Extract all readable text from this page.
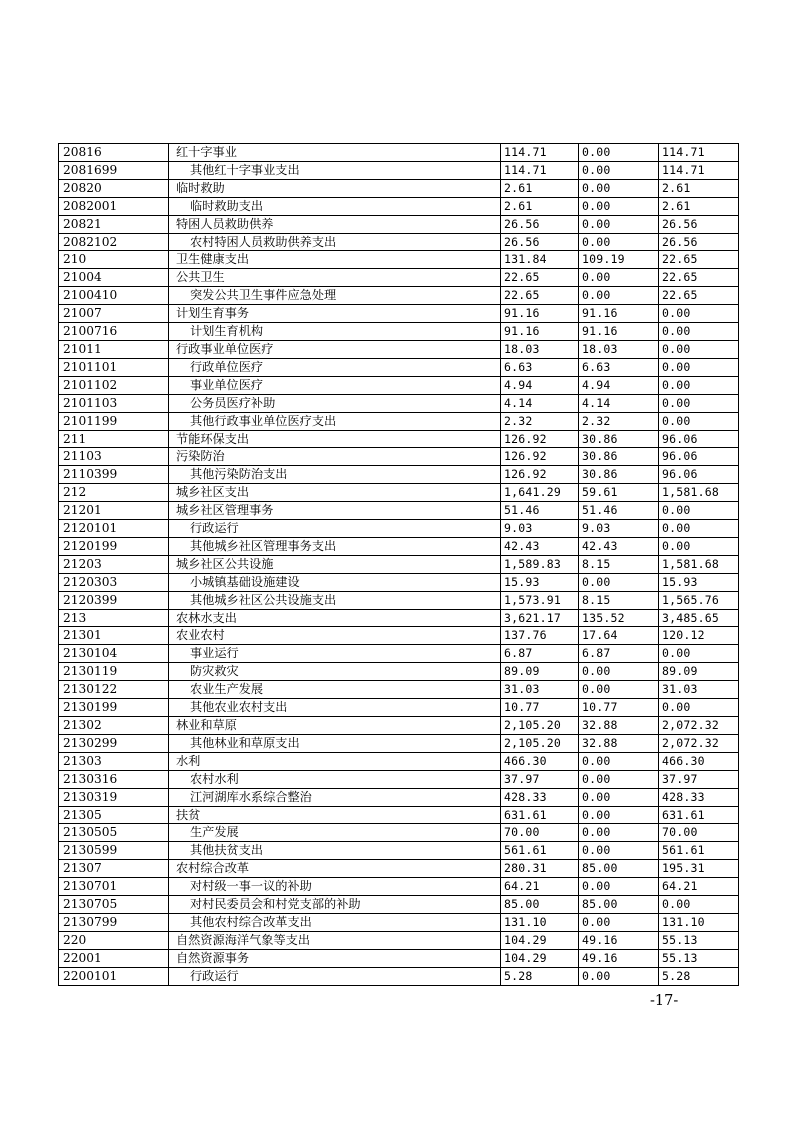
20816	红十字事业	114.71	0.00	114.71
2081699	其他红十字事业支出	114.71	0.00	114.71
20820	临时救助	2.61	0.00	2.61
2082001	临时救助支出	2.61	0.00	2.61
20821	特困人员救助供养	26.56	0.00	26.56
2082102	农村特困人员救助供养支出	26.56	0.00	26.56
210	卫生健康支出	131.84	109.19	22.65
21004	公共卫生	22.65	0.00	22.65
2100410	突发公共卫生事件应急处理	22.65	0.00	22.65
21007	计划生育事务	91.16	91.16	0.00
2100716	计划生育机构	91.16	91.16	0.00
21011	行政事业单位医疗	18.03	18.03	0.00
2101101	行政单位医疗	6.63	6.63	0.00
2101102	事业单位医疗	4.94	4.94	0.00
2101103	公务员医疗补助	4.14	4.14	0.00
2101199	其他行政事业单位医疗支出	2.32	2.32	0.00
211	节能环保支出	126.92	30.86	96.06
21103	污染防治	126.92	30.86	96.06
2110399	其他污染防治支出	126.92	30.86	96.06
212	城乡社区支出	1,641.29	59.61	1,581.68
21201	城乡社区管理事务	51.46	51.46	0.00
2120101	行政运行	9.03	9.03	0.00
2120199	其他城乡社区管理事务支出	42.43	42.43	0.00
21203	城乡社区公共设施	1,589.83	8.15	1,581.68
2120303	小城镇基础设施建设	15.93	0.00	15.93
2120399	其他城乡社区公共设施支出	1,573.91	8.15	1,565.76
213	农林水支出	3,621.17	135.52	3,485.65
21301	农业农村	137.76	17.64	120.12
2130104	事业运行	6.87	6.87	0.00
2130119	防灾救灾	89.09	0.00	89.09
2130122	农业生产发展	31.03	0.00	31.03
2130199	其他农业农村支出	10.77	10.77	0.00
21302	林业和草原	2,105.20	32.88	2,072.32
2130299	其他林业和草原支出	2,105.20	32.88	2,072.32
21303	水利	466.30	0.00	466.30
2130316	农村水利	37.97	0.00	37.97
2130319	江河湖库水系综合整治	428.33	0.00	428.33
21305	扶贫	631.61	0.00	631.61
2130505	生产发展	70.00	0.00	70.00
2130599	其他扶贫支出	561.61	0.00	561.61
21307	农村综合改革	280.31	85.00	195.31
2130701	对村级一事一议的补助	64.21	0.00	64.21
2130705	对村民委员会和村党支部的补助	85.00	85.00	0.00
2130799	其他农村综合改革支出	131.10	0.00	131.10
220	自然资源海洋气象等支出	104.29	49.16	55.13
22001	自然资源事务	104.29	49.16	55.13
2200101	行政运行	5.28	0.00	5.28
-17-
